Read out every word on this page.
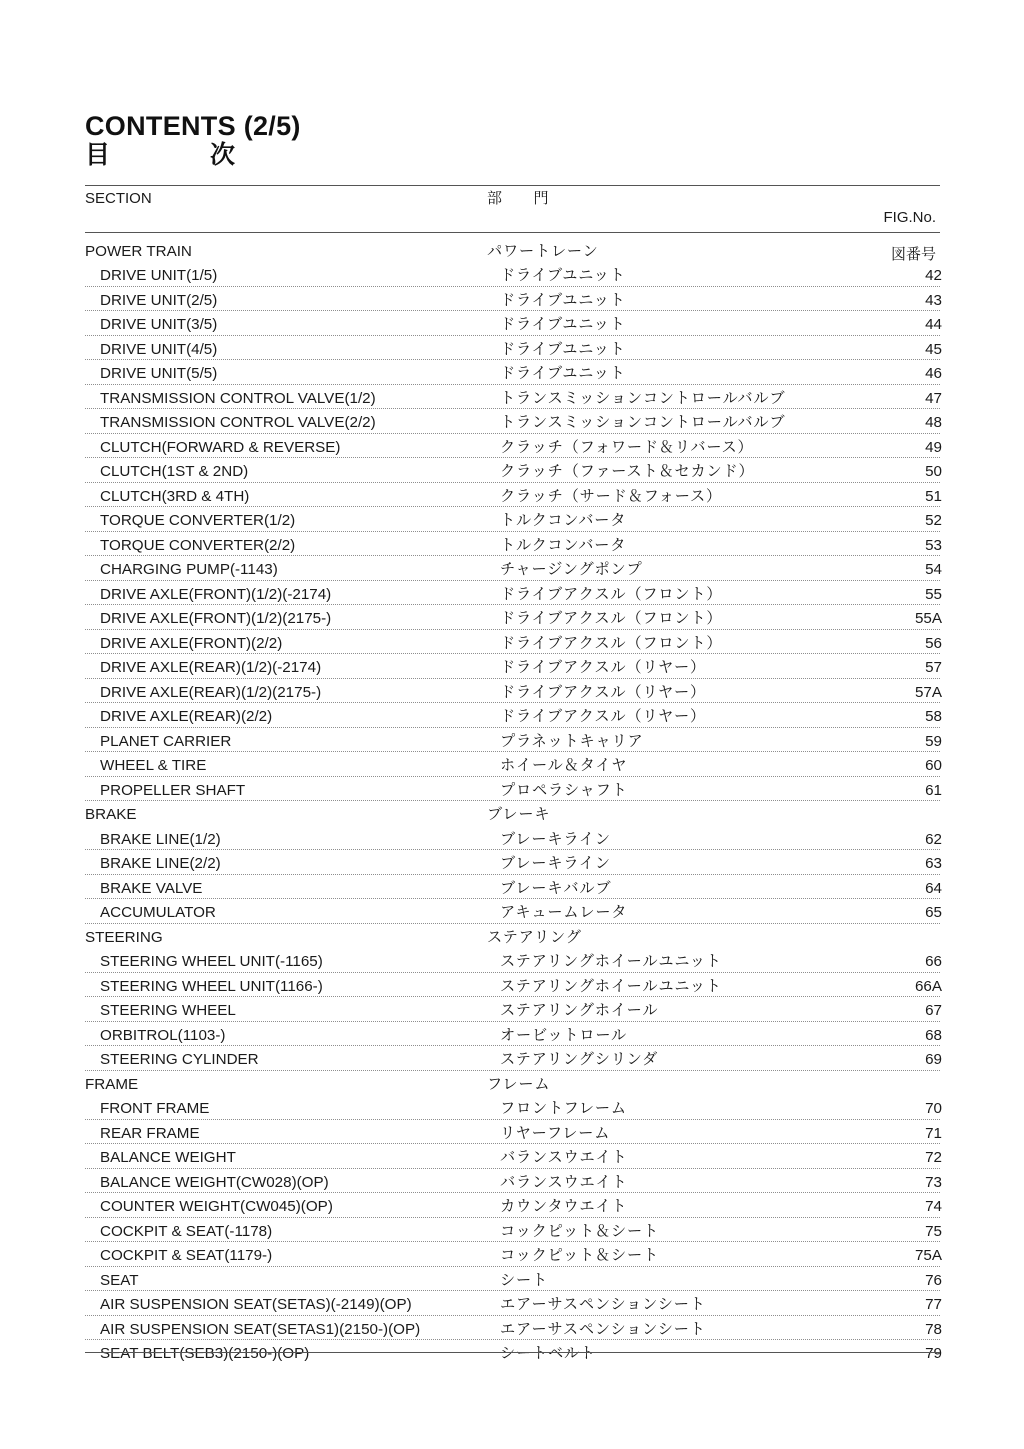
CONTENTS (2/5)
目　　　　次
SECTION	部　　門

FIG.No.

図番号

POWER TRAIN	パワートレーン
DRIVE UNIT(1/5)	ドライブユニット	42
DRIVE UNIT(2/5)	ドライブユニット	43
DRIVE UNIT(3/5)	ドライブユニット	44
DRIVE UNIT(4/5)	ドライブユニット	45
DRIVE UNIT(5/5)	ドライブユニット	46
TRANSMISSION CONTROL VALVE(1/2)	トランスミッションコントロールバルブ	47
TRANSMISSION CONTROL VALVE(2/2)	トランスミッションコントロールバルブ	48
CLUTCH(FORWARD & REVERSE)	クラッチ（フォワード＆リバース）	49
CLUTCH(1ST & 2ND)	クラッチ（ファースト＆セカンド）	50
CLUTCH(3RD & 4TH)	クラッチ（サード＆フォース）	51
TORQUE CONVERTER(1/2)	トルクコンバータ	52
TORQUE CONVERTER(2/2)	トルクコンバータ	53
CHARGING PUMP(-1143)	チャージングポンプ	54
DRIVE AXLE(FRONT)(1/2)(-2174)	ドライブアクスル（フロント）	55
DRIVE AXLE(FRONT)(1/2)(2175-)	ドライブアクスル（フロント）	55A
DRIVE AXLE(FRONT)(2/2)	ドライブアクスル（フロント）	56
DRIVE AXLE(REAR)(1/2)(-2174)	ドライブアクスル（リヤー）	57
DRIVE AXLE(REAR)(1/2)(2175-)	ドライブアクスル（リヤー）	57A
DRIVE AXLE(REAR)(2/2)	ドライブアクスル（リヤー）	58
PLANET CARRIER	プラネットキャリア	59
WHEEL & TIRE	ホイール＆タイヤ	60
PROPELLER SHAFT	プロペラシャフト	61
BRAKE	ブレーキ
BRAKE LINE(1/2)	ブレーキライン	62
BRAKE LINE(2/2)	ブレーキライン	63
BRAKE VALVE	ブレーキバルブ	64
ACCUMULATOR	アキュームレータ	65
STEERING	ステアリング
STEERING WHEEL UNIT(-1165)	ステアリングホイールユニット	66
STEERING WHEEL UNIT(1166-)	ステアリングホイールユニット	66A
STEERING WHEEL	ステアリングホイール	67
ORBITROL(1103-)	オービットロール	68
STEERING CYLINDER	ステアリングシリンダ	69
FRAME	フレーム
FRONT FRAME	フロントフレーム	70
REAR FRAME	リヤーフレーム	71
BALANCE WEIGHT	バランスウエイト	72
BALANCE WEIGHT(CW028)(OP)	バランスウエイト	73
COUNTER WEIGHT(CW045)(OP)	カウンタウエイト	74
COCKPIT & SEAT(-1178)	コックピット＆シート	75
COCKPIT & SEAT(1179-)	コックピット＆シート	75A
SEAT	シート	76
AIR SUSPENSION SEAT(SETAS)(-2149)(OP)	エアーサスペンションシート	77
AIR SUSPENSION SEAT(SETAS1)(2150-)(OP)	エアーサスペンションシート	78
SEAT BELT(SEB3)(2150-)(OP)	シートベルト	79
